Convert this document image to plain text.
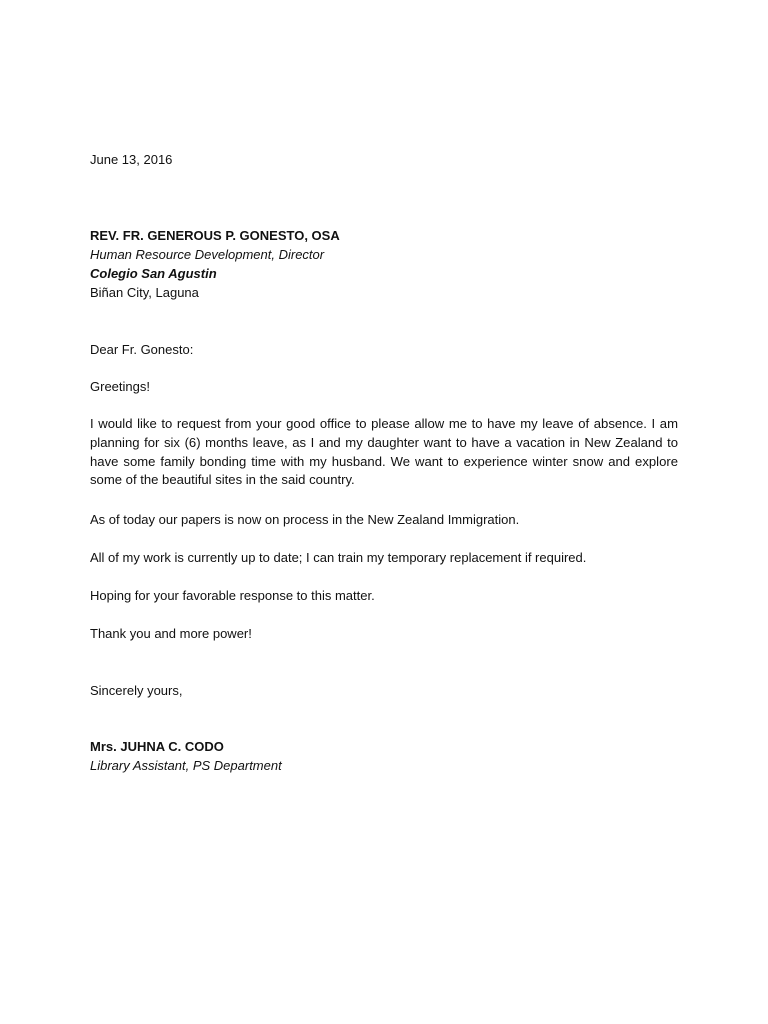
June 13, 2016
REV. FR. GENEROUS P. GONESTO, OSA
Human Resource Development, Director
Colegio San Agustin
Biñan City, Laguna
Dear Fr. Gonesto:
Greetings!
I would like to request from your good office to please allow me to have my leave of absence. I am planning for six (6) months leave, as I and my daughter want to have a vacation in New Zealand to have some family bonding time with my husband. We want to experience winter snow and explore some of the beautiful sites in the said country.
As of today our papers is now on process in the New Zealand Immigration.
All of my work is currently up to date; I can train my temporary replacement if required.
Hoping for your favorable response to this matter.
Thank you and more power!
Sincerely yours,
Mrs. JUHNA C. CODO
Library Assistant, PS Department
